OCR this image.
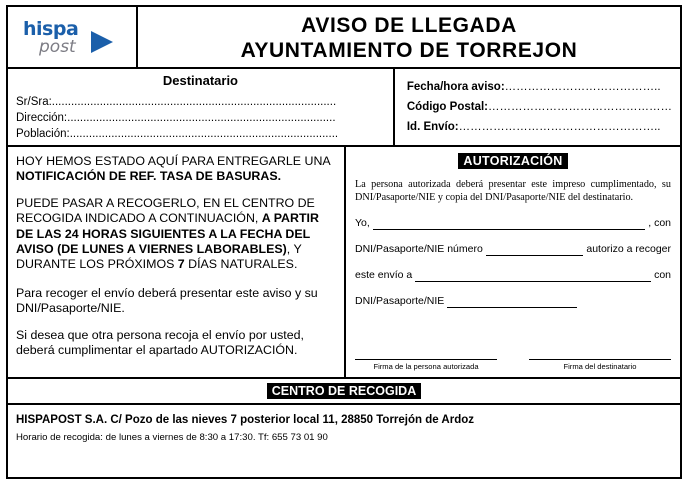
hispa
post
AVISO DE LLEGADA
AYUNTAMIENTO DE TORREJON
Destinatario
Sr/Sra:.........................................................................................
Dirección:....................................................................................
Población:....................................................................................
Fecha/hora aviso:…………………………………..
Código Postal:…………………………………………
Id. Envío:……………………………………………..

HOY HEMOS ESTADO AQUÍ PARA ENTREGARLE UNA NOTIFICACIÓN DE REF. TASA DE BASURAS.

PUEDE PASAR A RECOGERLO, EN EL CENTRO DE RECOGIDA INDICADO A CONTINUACIÓN, A PARTIR DE LAS 24 HORAS SIGUIENTES A LA FECHA DEL AVISO (DE LUNES A VIERNES LABORABLES), Y DURANTE LOS PRÓXIMOS 7 DÍAS NATURALES.

Para recoger el envío deberá presentar este aviso y su DNI/Pasaporte/NIE.

Si desea que otra persona recoja el envío por usted, deberá cumplimentar el apartado AUTORIZACIÓN.

AUTORIZACIÓN

La persona autorizada deberá presentar este impreso cumplimentado, su DNI/Pasaporte/NIE y copia del DNI/Pasaporte/NIE del destinatario.

Yo,	, con
DNI/Pasaporte/NIE número	autorizo a recoger
este envío a	con
DNI/Pasaporte/NIE
Firma de la persona autorizada	Firma del destinatario
CENTRO DE RECOGIDA
HISPAPOST S.A. C/ Pozo de las nieves 7 posterior local 11, 28850 Torrejón de Ardoz
Horario de recogida: de lunes a viernes de 8:30 a 17:30. Tf: 655 73 01 90
